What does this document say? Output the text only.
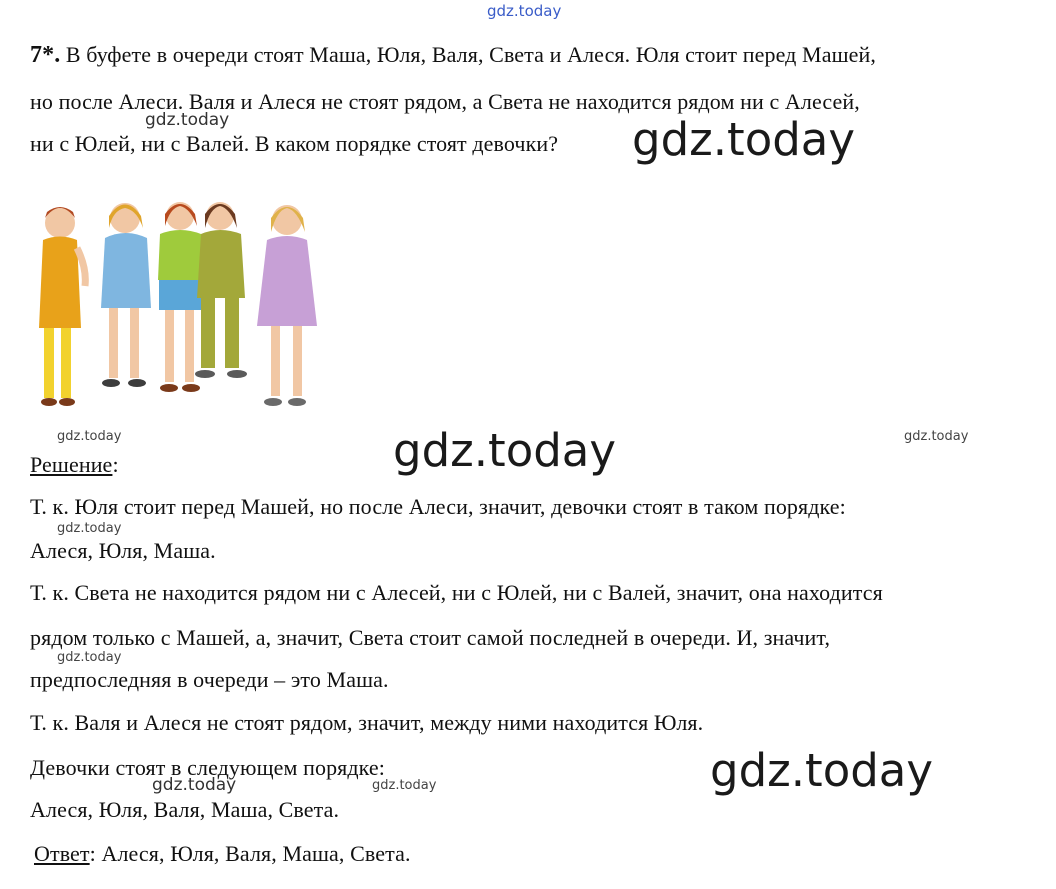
gdz.today
7*. В буфете в очереди стоят Маша, Юля, Валя, Света и Алеся. Юля стоит перед Машей,
но после Алеси. Валя и Алеся не стоят рядом, а Света не находится рядом ни с Алесей,
gdz.today
ни с Юлей, ни с Валей. В каком порядке стоят девочки? gdz.today
gdz.today	gdz.today	gdz.today
Решение:
Т. к. Юля стоит перед Машей, но после Алеси, значит, девочки стоят в таком порядке:
gdz.today
Алеся, Юля, Маша.
Т. к. Света не находится рядом ни с Алесей, ни с Юлей, ни с Валей, значит, она находится
рядом только с Машей, а, значит, Света стоит самой последней в очереди. И, значит,
gdz.today
предпоследняя в очереди – это Маша.
Т. к. Валя и Алеся не стоят рядом, значит, между ними находится Юля.
Девочки стоят в следующем порядке:
gdz.today	gdz.today	gdz.today
Алеся, Юля, Валя, Маша, Света.
Ответ: Алеся, Юля, Валя, Маша, Света.
